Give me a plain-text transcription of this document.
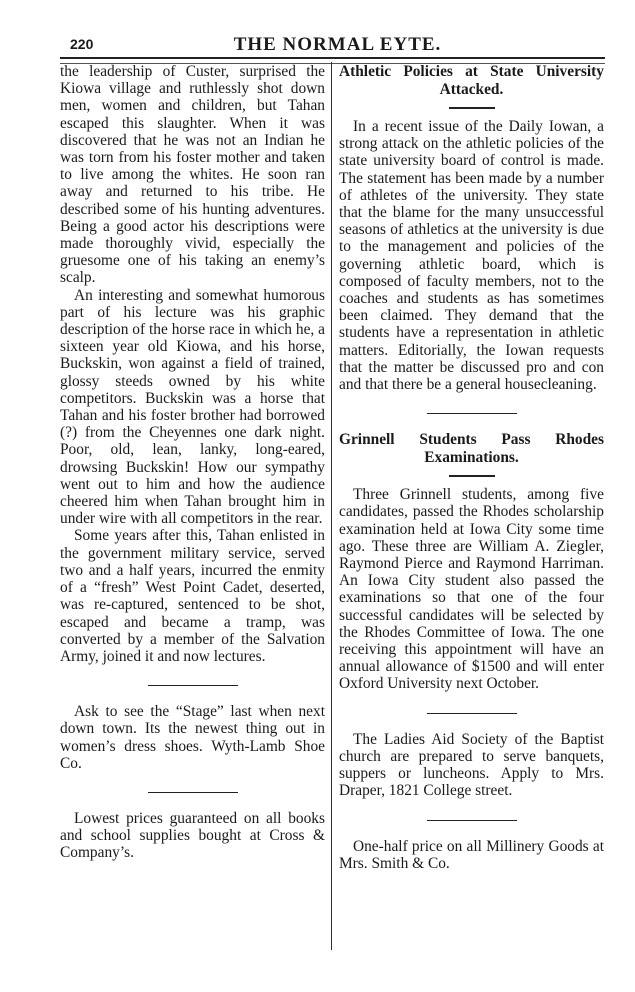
220	THE NORMAL EYTE.

the leadership of Custer, surprised the Kiowa village and ruthlessly shot down men, women and children, but Tahan escaped this slaughter. When it was discovered that he was not an Indian he was torn from his foster mother and taken to live among the whites. He soon ran away and returned to his tribe. He described some of his hunting adventures. Being a good actor his descriptions were made thoroughly vivid, especially the gruesome one of his taking an enemy’s scalp.

An interesting and somewhat humorous part of his lecture was his graphic description of the horse race in which he, a sixteen year old Kiowa, and his horse, Buckskin, won against a field of trained, glossy steeds owned by his white competitors. Buckskin was a horse that Tahan and his foster brother had borrowed (?) from the Cheyennes one dark night. Poor, old, lean, lanky, long-eared, drowsing Buckskin! How our sympathy went out to him and how the audience cheered him when Tahan brought him in under wire with all competitors in the rear.

Some years after this, Tahan enlisted in the government military service, served two and a half years, incurred the enmity of a “fresh” West Point Cadet, deserted, was re-captured, sentenced to be shot, escaped and became a tramp, was converted by a member of the Salvation Army, joined it and now lectures.

Ask to see the “Stage” last when next down town. Its the newest thing out in women’s dress shoes. Wyth-Lamb Shoe Co.

Lowest prices guaranteed on all books and school supplies bought at Cross & Company’s.

Athletic Policies at State University Attacked.

In a recent issue of the Daily Iowan, a strong attack on the athletic policies of the state university board of control is made. The statement has been made by a number of athletes of the university. They state that the blame for the many unsuccessful seasons of athletics at the university is due to the management and policies of the governing athletic board, which is composed of faculty members, not to the coaches and students as has sometimes been claimed. They demand that the students have a representation in athletic matters. Editorially, the Iowan requests that the matter be discussed pro and con and that there be a general housecleaning.

Grinnell Students Pass Rhodes Examinations.

Three Grinnell students, among five candidates, passed the Rhodes scholarship examination held at Iowa City some time ago. These three are William A. Ziegler, Raymond Pierce and Raymond Harriman. An Iowa City student also passed the examinations so that one of the four successful candidates will be selected by the Rhodes Committee of Iowa. The one receiving this appointment will have an annual allowance of $1500 and will enter Oxford University next October.

The Ladies Aid Society of the Baptist church are prepared to serve banquets, suppers or luncheons. Apply to Mrs. Draper, 1821 College street.

One-half price on all Millinery Goods at Mrs. Smith & Co.
